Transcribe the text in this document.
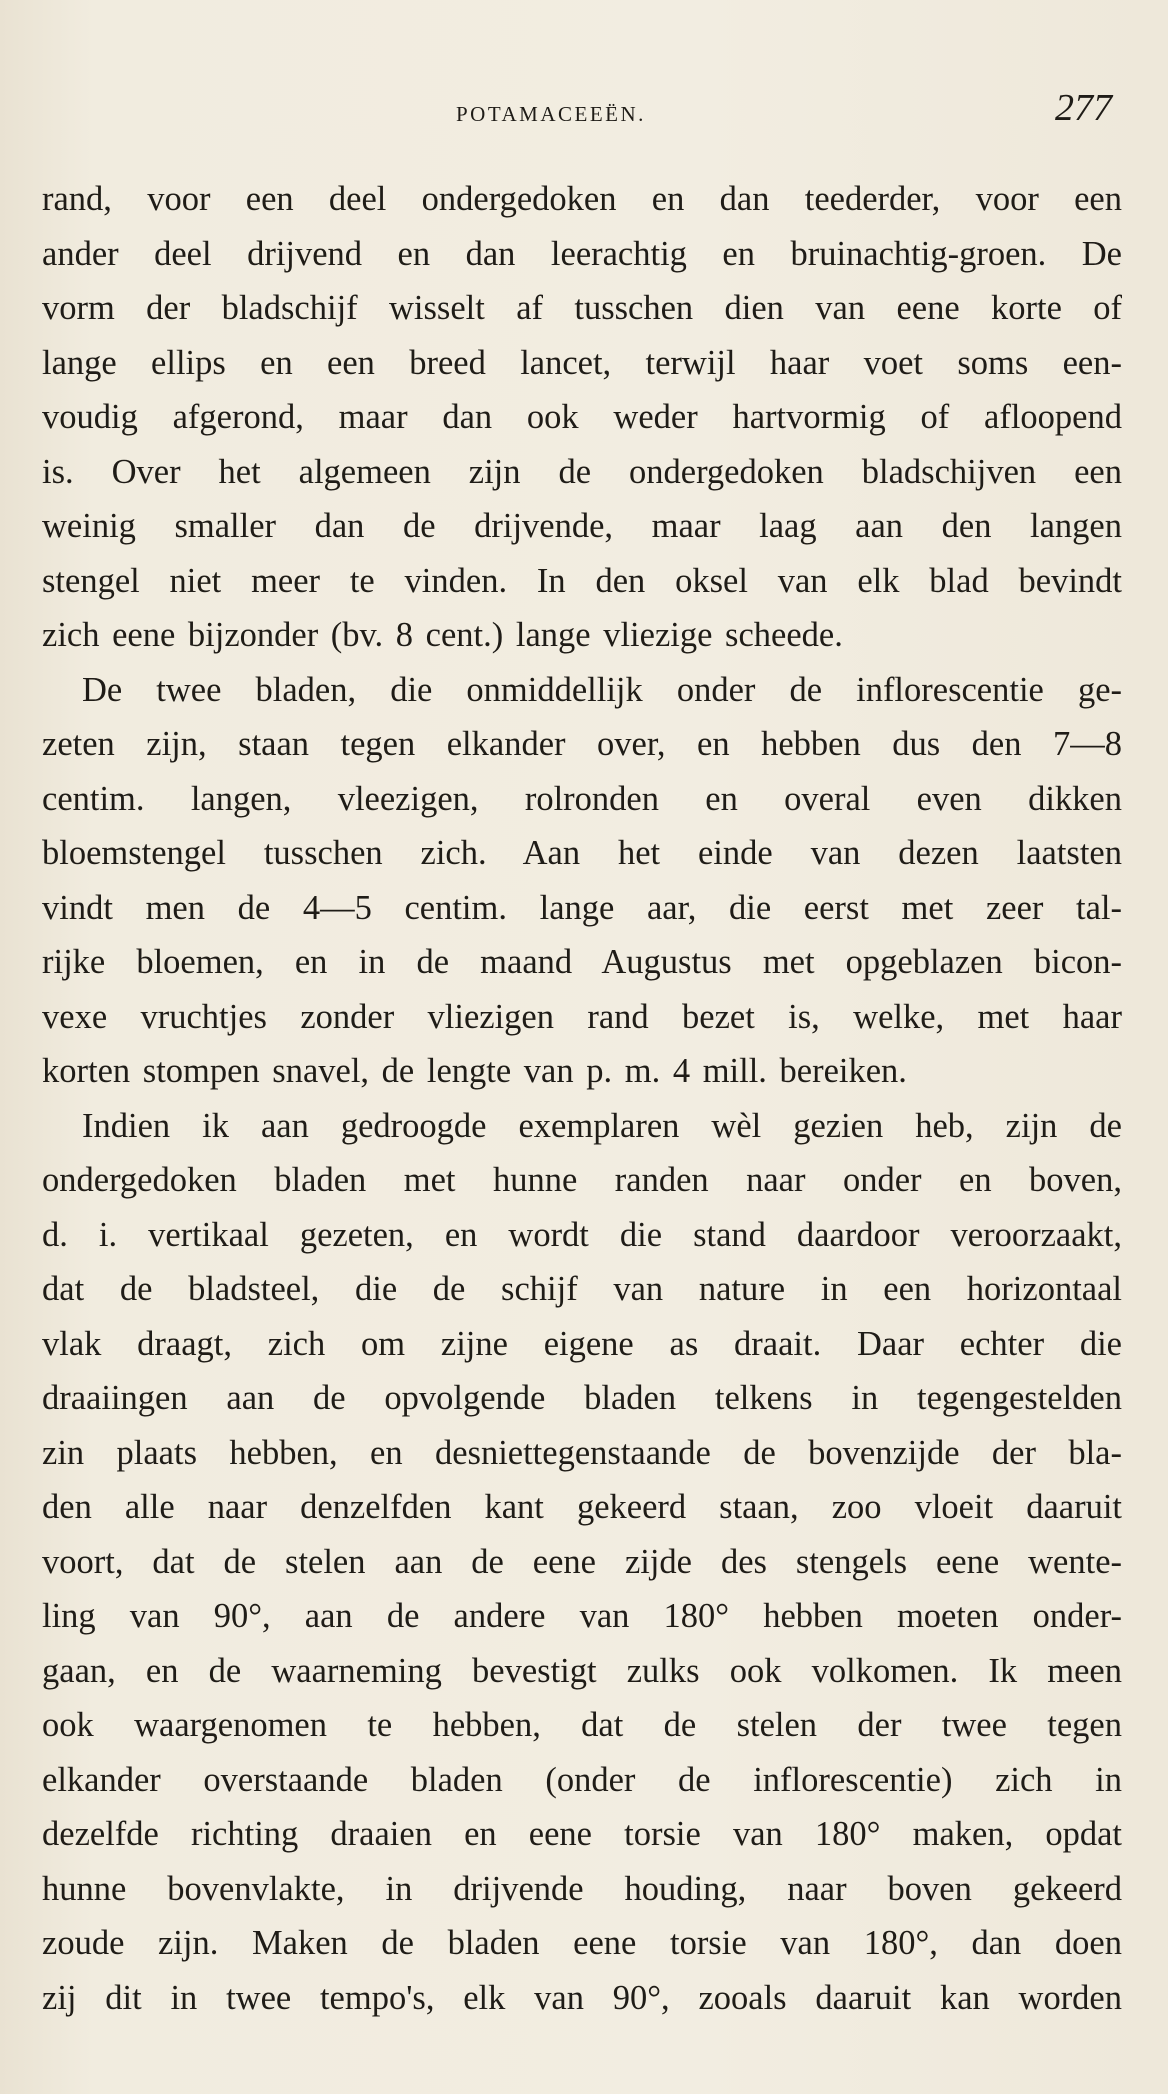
POTAMACEEËN.	277
rand, voor een deel ondergedoken en dan teederder, voor een
ander deel drijvend en dan leerachtig en bruinachtig-groen. De
vorm der bladschijf wisselt af tusschen dien van eene korte of
lange ellips en een breed lancet, terwijl haar voet soms een-
voudig afgerond, maar dan ook weder hartvormig of afloopend
is. Over het algemeen zijn de ondergedoken bladschijven een
weinig smaller dan de drijvende, maar laag aan den langen
stengel niet meer te vinden. In den oksel van elk blad bevindt
zich eene bijzonder (bv. 8 cent.) lange vliezige scheede.
De twee bladen, die onmiddellijk onder de inflorescentie ge-
zeten zijn, staan tegen elkander over, en hebben dus den 7—8
centim. langen, vleezigen, rolronden en overal even dikken
bloemstengel tusschen zich. Aan het einde van dezen laatsten
vindt men de 4—5 centim. lange aar, die eerst met zeer tal-
rijke bloemen, en in de maand Augustus met opgeblazen bicon-
vexe vruchtjes zonder vliezigen rand bezet is, welke, met haar
korten stompen snavel, de lengte van p. m. 4 mill. bereiken.
Indien ik aan gedroogde exemplaren wèl gezien heb, zijn de
ondergedoken bladen met hunne randen naar onder en boven,
d. i. vertikaal gezeten, en wordt die stand daardoor veroorzaakt,
dat de bladsteel, die de schijf van nature in een horizontaal
vlak draagt, zich om zijne eigene as draait. Daar echter die
draaiingen aan de opvolgende bladen telkens in tegengestelden
zin plaats hebben, en desniettegenstaande de bovenzijde der bla-
den alle naar denzelfden kant gekeerd staan, zoo vloeit daaruit
voort, dat de stelen aan de eene zijde des stengels eene wente-
ling van 90°, aan de andere van 180° hebben moeten onder-
gaan, en de waarneming bevestigt zulks ook volkomen. Ik meen
ook waargenomen te hebben, dat de stelen der twee tegen
elkander overstaande bladen (onder de inflorescentie) zich in
dezelfde richting draaien en eene torsie van 180° maken, opdat
hunne bovenvlakte, in drijvende houding, naar boven gekeerd
zoude zijn. Maken de bladen eene torsie van 180°, dan doen
zij dit in twee tempo's, elk van 90°, zooals daaruit kan worden
